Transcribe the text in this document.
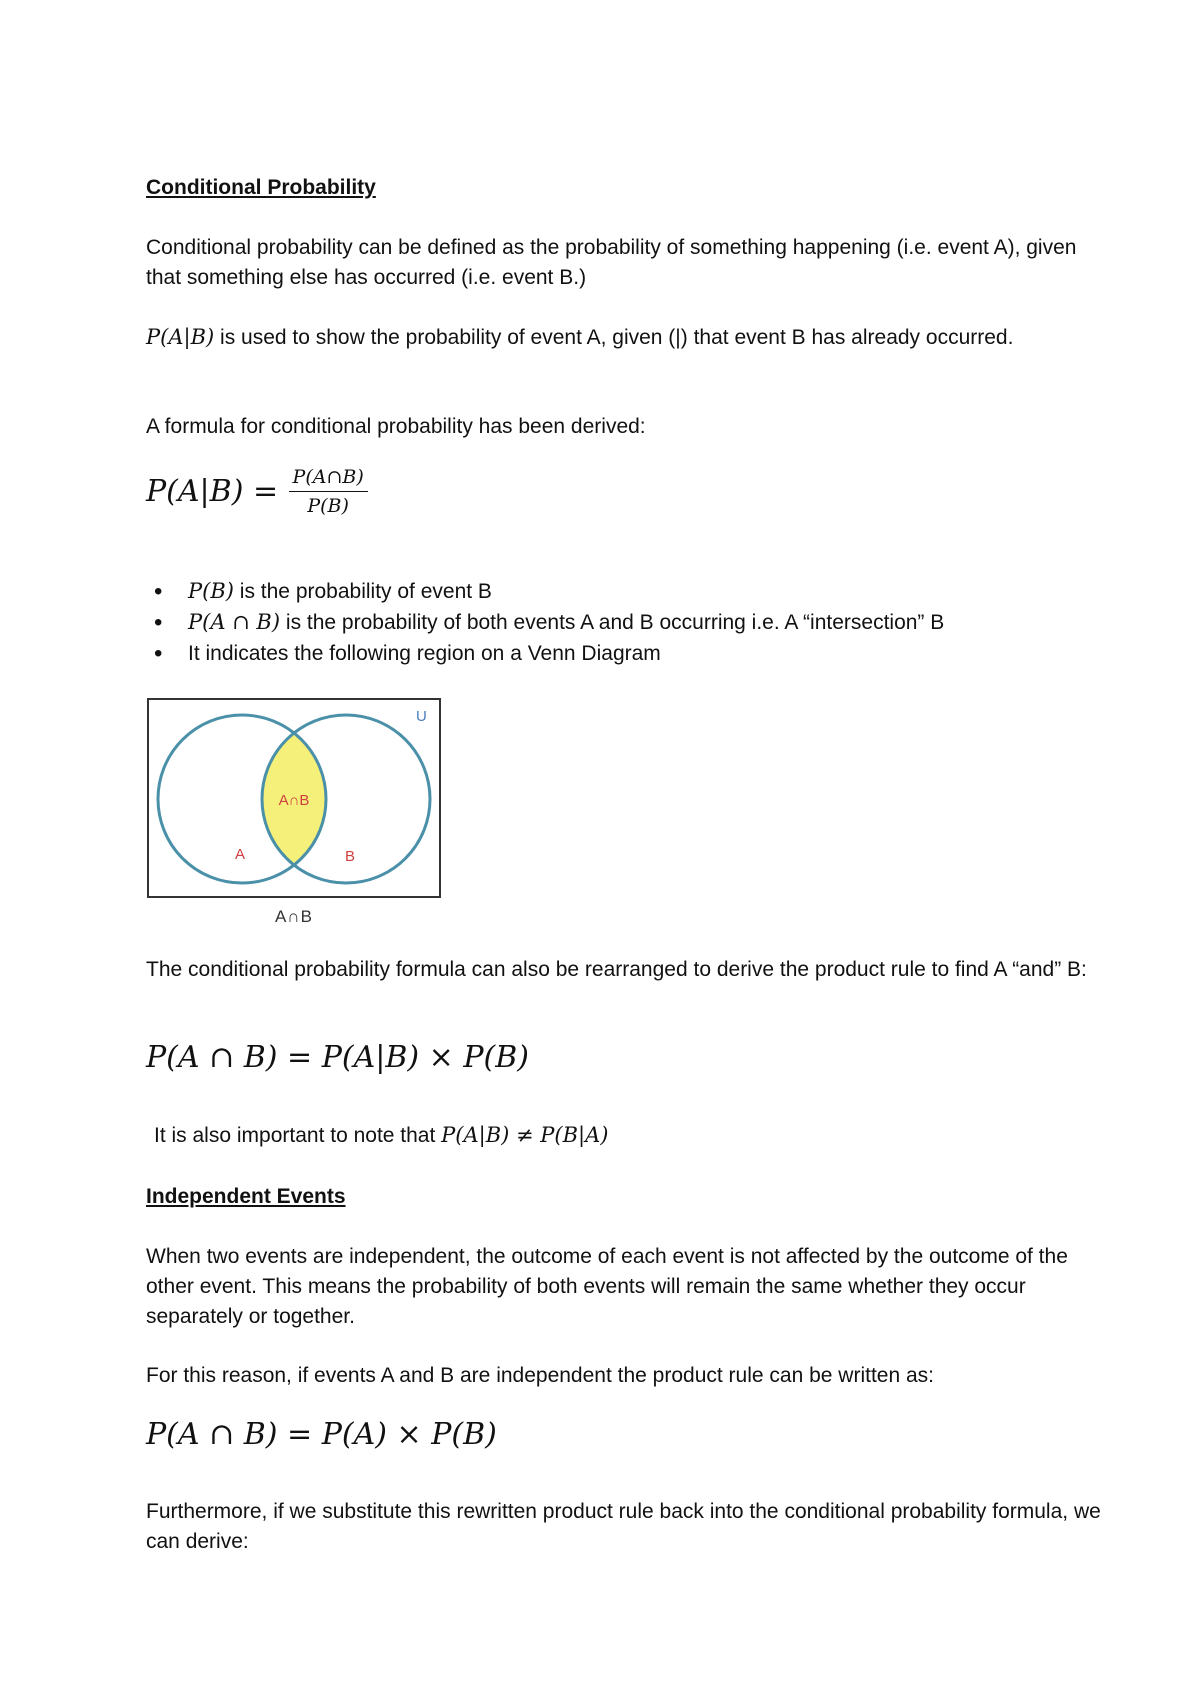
Conditional Probability
Conditional probability can be defined as the probability of something happening (i.e. event A), given that something else has occurred (i.e. event B.)
P(A|B) is used to show the probability of event A, given (|) that event B has already occurred.
A formula for conditional probability has been derived:
$P(A|B) = \frac{P(A\cap B)}{P(B)}$
• P(B) is the probability of event B
• P(A ∩ B) is the probability of both events A and B occurring i.e. A “intersection” B
• It indicates the following region on a Venn Diagram
U
A∩B
A	B
A∩B
The conditional probability formula can also be rearranged to derive the product rule to find A “and” B:
P(A ∩ B) = P(A|B) × P(B)
It is also important to note that P(A|B) ≠ P(B|A)
Independent Events
When two events are independent, the outcome of each event is not affected by the outcome of the other event. This means the probability of both events will remain the same whether they occur separately or together.
For this reason, if events A and B are independent the product rule can be written as:
P(A ∩ B) = P(A) × P(B)
Furthermore, if we substitute this rewritten product rule back into the conditional probability formula, we can derive:
